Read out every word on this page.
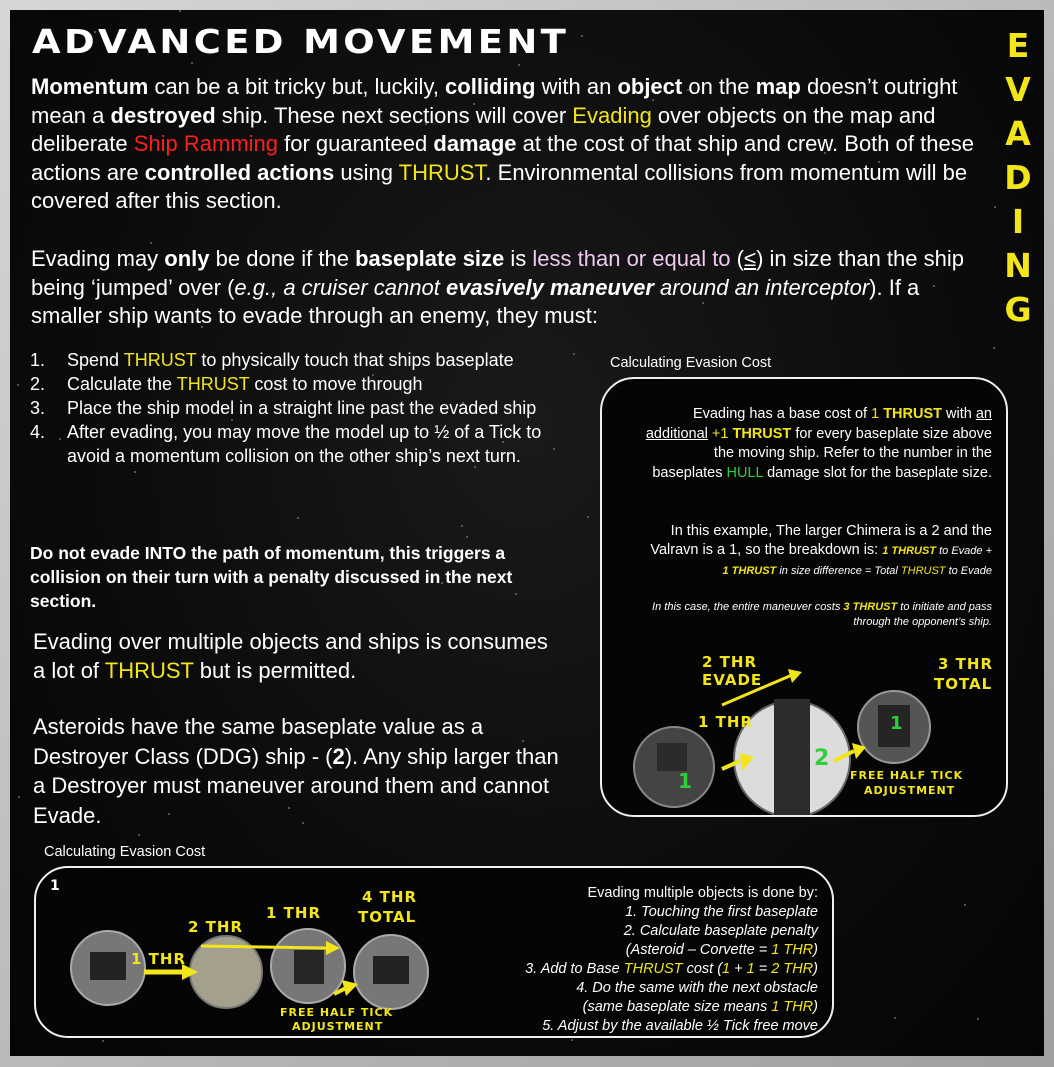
ADVANCED MOVEMENT	E
V
A
D
I
N
G
Momentum can be a bit tricky but, luckily, colliding with an object on the map doesn’t outright mean a destroyed ship. These next sections will cover Evading over objects on the map and deliberate Ship Ramming for guaranteed damage at the cost of that ship and crew. Both of these actions are controlled actions using THRUST. Environmental collisions from momentum will be covered after this section.
Evading may only be done if the baseplate size is less than or equal to (≤) in size than the ship being ‘jumped’ over (e.g., a cruiser cannot evasively maneuver around an interceptor). If a smaller ship wants to evade through an enemy, they must:
1. Spend THRUST to physically touch that ships baseplate
2. Calculate the THRUST cost to move through
3. Place the ship model in a straight line past the evaded ship
4. After evading, you may move the model up to ½ of a Tick to avoid a momentum collision on the other ship’s next turn.
Do not evade INTO the path of momentum, this triggers a collision on their turn with a penalty discussed in the next section.
Evading over multiple objects and ships is consumes a lot of THRUST but is permitted.
Asteroids have the same baseplate value as a Destroyer Class (DDG) ship - (2). Any ship larger than a Destroyer must maneuver around them and cannot Evade.
Calculating Evasion Cost
Evading has a base cost of 1 THRUST with an additional +1 THRUST for every baseplate size above the moving ship. Refer to the number in the baseplates HULL damage slot for the baseplate size.
In this example, The larger Chimera is a 2 and the Valravn is a 1, so the breakdown is: 1 THRUST to Evade + 1 THRUST in size difference = Total THRUST to Evade
In this case, the entire maneuver costs 3 THRUST to initiate and pass through the opponent’s ship.
2 THR
EVADE
3 THR
TOTAL
1 THR
FREE HALF TICK
ADJUSTMENT
1
2
1
Calculating Evasion Cost
1
1 THR
2 THR
1 THR
4 THR
TOTAL
FREE HALF TICK
ADJUSTMENT
Evading multiple objects is done by:
1. Touching the first baseplate
2. Calculate baseplate penalty
(Asteroid – Corvette = 1 THR)
3. Add to Base THRUST cost (1 + 1 = 2 THR)
4. Do the same with the next obstacle
(same baseplate size means 1 THR)
5. Adjust by the available ½ Tick free move
